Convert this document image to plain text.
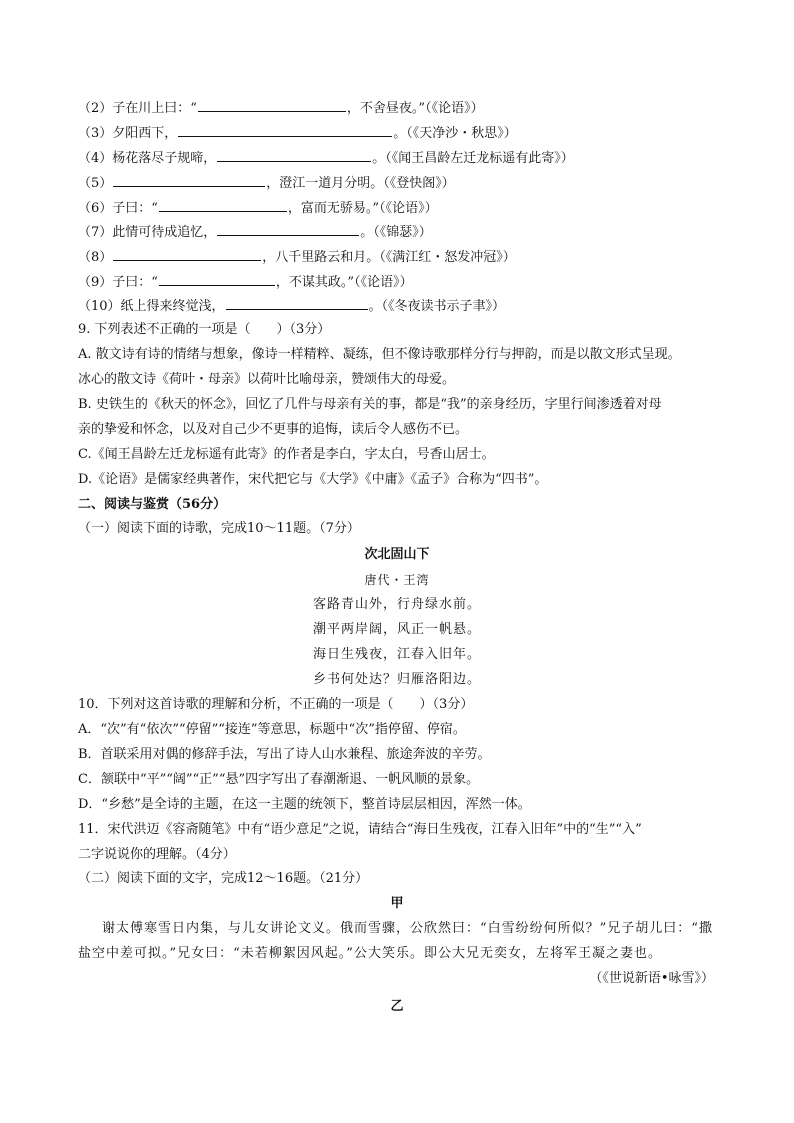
（2）子在川上曰：“	，不舍昼夜。”（《论语》）
（3）夕阳西下，	。（《天净沙・秋思》）
（4）杨花落尽子规啼，	。（《闻王昌龄左迁龙标遥有此寄》）
（5）	，澄江一道月分明。（《登快阁》）
（6）子曰：“	，富而无骄易。”（《论语》）
（7）此情可待成追忆，	。（《锦瑟》）
（8）	，八千里路云和月。（《满江红・怒发冲冠》）
（9）子曰：“	，不谋其政。”（《论语》）
（10）纸上得来终觉浅，	。（《冬夜读书示子聿》）
9. 下列表述不正确的一项是（　　）（3分）
A. 散文诗有诗的情绪与想象，像诗一样精粹、凝练，但不像诗歌那样分行与押韵，而是以散文形式呈现。
冰心的散文诗《荷叶・母亲》以荷叶比喻母亲，赞颂伟大的母爱。
B. 史铁生的《秋天的怀念》，回忆了几件与母亲有关的事，都是“我”的亲身经历，字里行间渗透着对母
亲的挚爱和怀念，以及对自己少不更事的追悔，读后令人感伤不已。
C.《闻王昌龄左迁龙标遥有此寄》的作者是李白，字太白，号香山居士。
D.《论语》是儒家经典著作，宋代把它与《大学》《中庸》《孟子》合称为“四书”。
二、阅读与鉴赏（56分）
（一）阅读下面的诗歌，完成10～11题。（7分）
次北固山下
唐代・王湾
客路青山外，行舟绿水前。
潮平两岸阔，风正一帆悬。
海日生残夜，江春入旧年。
乡书何处达？归雁洛阳边。
10．下列对这首诗歌的理解和分析，不正确的一项是（　　）（3分）
A．“次”有“依次”“停留”“接连”等意思，标题中“次”指停留、停宿。
B．首联采用对偶的修辞手法，写出了诗人山水兼程、旅途奔波的辛劳。
C．颔联中“平”“阔”“正”“悬”四字写出了春潮渐退、一帆风顺的景象。
D．“乡愁”是全诗的主题，在这一主题的统领下，整首诗层层相因，浑然一体。
11．宋代洪迈《容斋随笔》中有“语少意足”之说，请结合“海日生残夜，江春入旧年”中的“生”“入”
二字说说你的理解。（4分）
（二）阅读下面的文字，完成12～16题。（21分）
甲
谢太傅寒雪日内集，与儿女讲论文义。俄而雪骤，公欣然曰：“白雪纷纷何所似？”兄子胡儿曰：“撒
盐空中差可拟。”兄女曰：“未若柳絮因风起。”公大笑乐。即公大兄无奕女，左将军王凝之妻也。
（《世说新语•咏雪》）
乙
